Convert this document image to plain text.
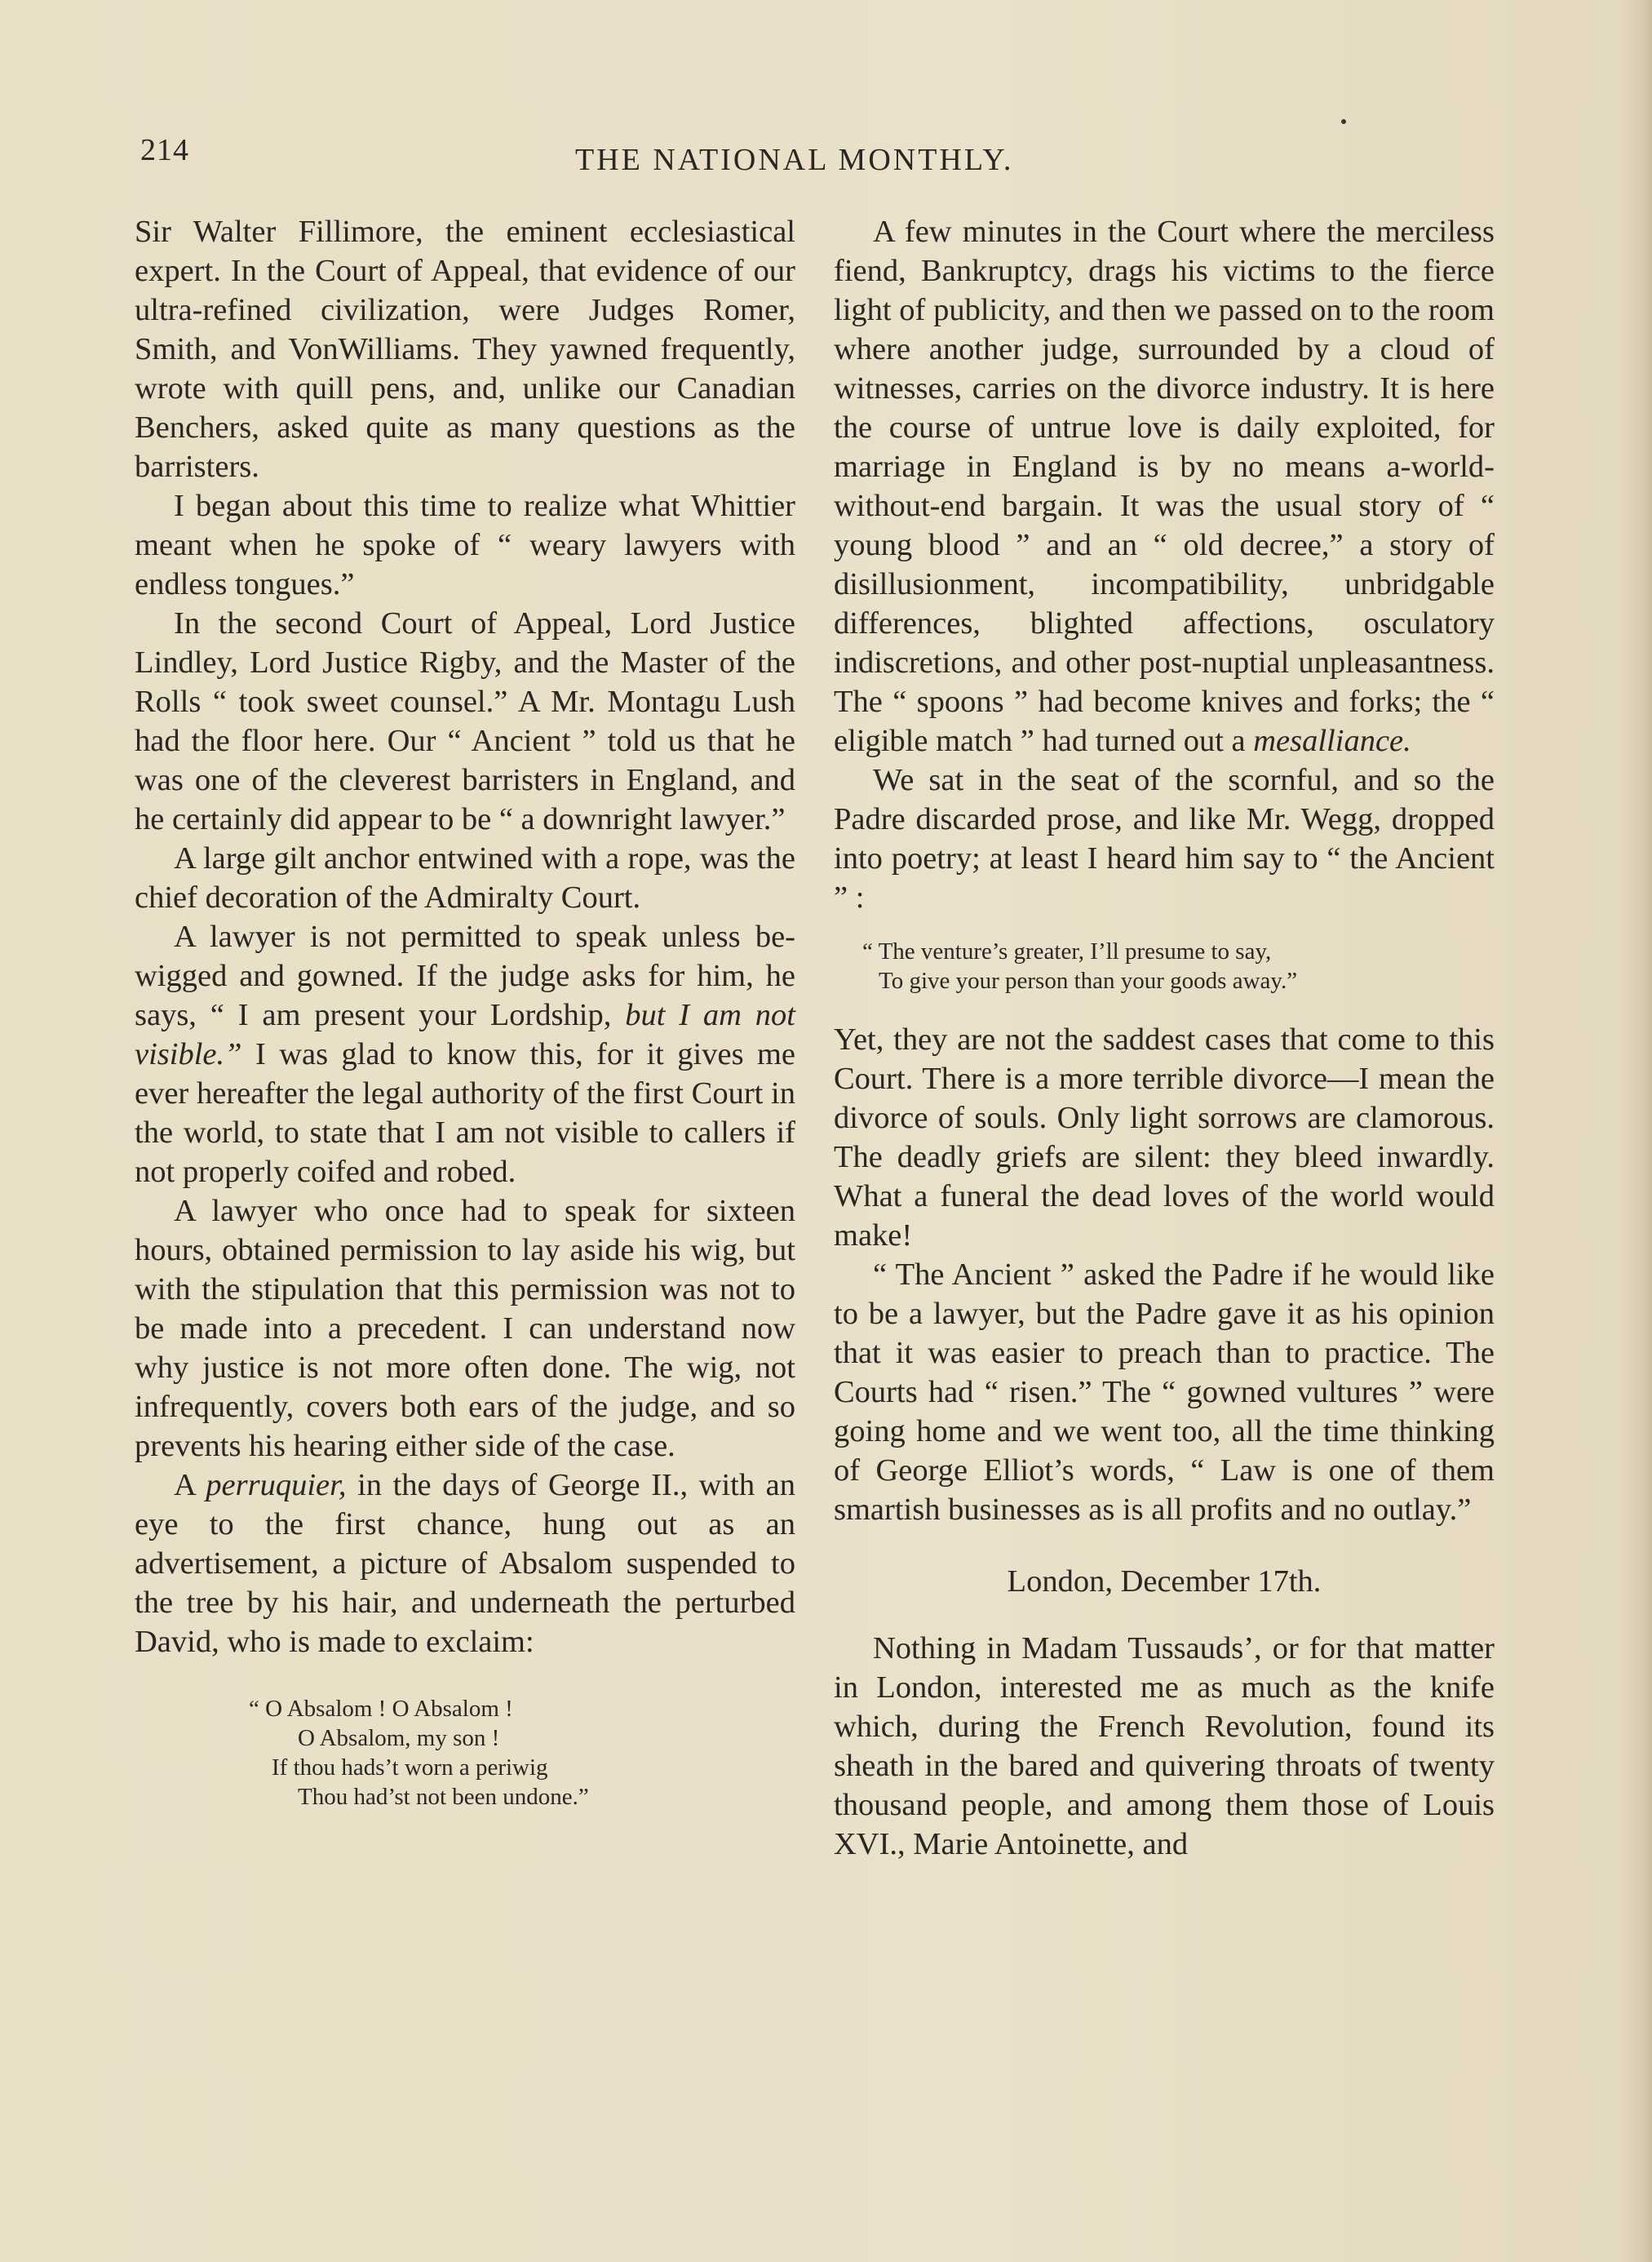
214	THE NATIONAL MONTHLY.

Sir Walter Fillimore, the eminent ecclesiastical expert. In the Court of Appeal, that evidence of our ultra-refined civilization, were Judges Romer, Smith, and VonWilliams. They yawned frequently, wrote with quill pens, and, unlike our Canadian Benchers, asked quite as many questions as the barristers.

I began about this time to realize what Whittier meant when he spoke of “ weary lawyers with endless tongues.”

In the second Court of Appeal, Lord Justice Lindley, Lord Justice Rigby, and the Master of the Rolls “ took sweet counsel.” A Mr. Montagu Lush had the floor here. Our “ Ancient ” told us that he was one of the cleverest barristers in England, and he certainly did appear to be “ a downright lawyer.”

A large gilt anchor entwined with a rope, was the chief decoration of the Admiralty Court.

A lawyer is not permitted to speak unless be-wigged and gowned. If the judge asks for him, he says, “ I am present your Lordship, but I am not visible.” I was glad to know this, for it gives me ever hereafter the legal authority of the first Court in the world, to state that I am not visible to callers if not properly coifed and robed.

A lawyer who once had to speak for sixteen hours, obtained permission to lay aside his wig, but with the stipulation that this permission was not to be made into a precedent. I can understand now why justice is not more often done. The wig, not infrequently, covers both ears of the judge, and so prevents his hearing either side of the case.

A perruquier, in the days of George II., with an eye to the first chance, hung out as an advertisement, a picture of Absalom suspended to the tree by his hair, and underneath the perturbed David, who is made to exclaim:

“ O Absalom ! O Absalom !
O Absalom, my son !
If thou hads’t worn a periwig
Thou had’st not been undone.”

A few minutes in the Court where the merciless fiend, Bankruptcy, drags his victims to the fierce light of publicity, and then we passed on to the room where another judge, surrounded by a cloud of witnesses, carries on the divorce industry. It is here the course of untrue love is daily exploited, for marriage in England is by no means a-world-without-end bargain. It was the usual story of “ young blood ” and an “ old decree,” a story of disillusionment, incompatibility, unbridgable differences, blighted affections, osculatory indiscretions, and other post-nuptial unpleasantness. The “ spoons ” had become knives and forks; the “ eligible match ” had turned out a mesalliance.

We sat in the seat of the scornful, and so the Padre discarded prose, and like Mr. Wegg, dropped into poetry; at least I heard him say to “ the Ancient ” :

“ The venture’s greater, I’ll presume to say,
To give your person than your goods away.”

Yet, they are not the saddest cases that come to this Court. There is a more terrible divorce—I mean the divorce of souls. Only light sorrows are clamorous. The deadly griefs are silent: they bleed inwardly. What a funeral the dead loves of the world would make!

“ The Ancient ” asked the Padre if he would like to be a lawyer, but the Padre gave it as his opinion that it was easier to preach than to practice. The Courts had “ risen.” The “ gowned vultures ” were going home and we went too, all the time thinking of George Elliot’s words, “ Law is one of them smartish businesses as is all profits and no outlay.”

London, December 17th.

Nothing in Madam Tussauds’, or for that matter in London, interested me as much as the knife which, during the French Revolution, found its sheath in the bared and quivering throats of twenty thousand people, and among them those of Louis XVI., Marie Antoinette, and
